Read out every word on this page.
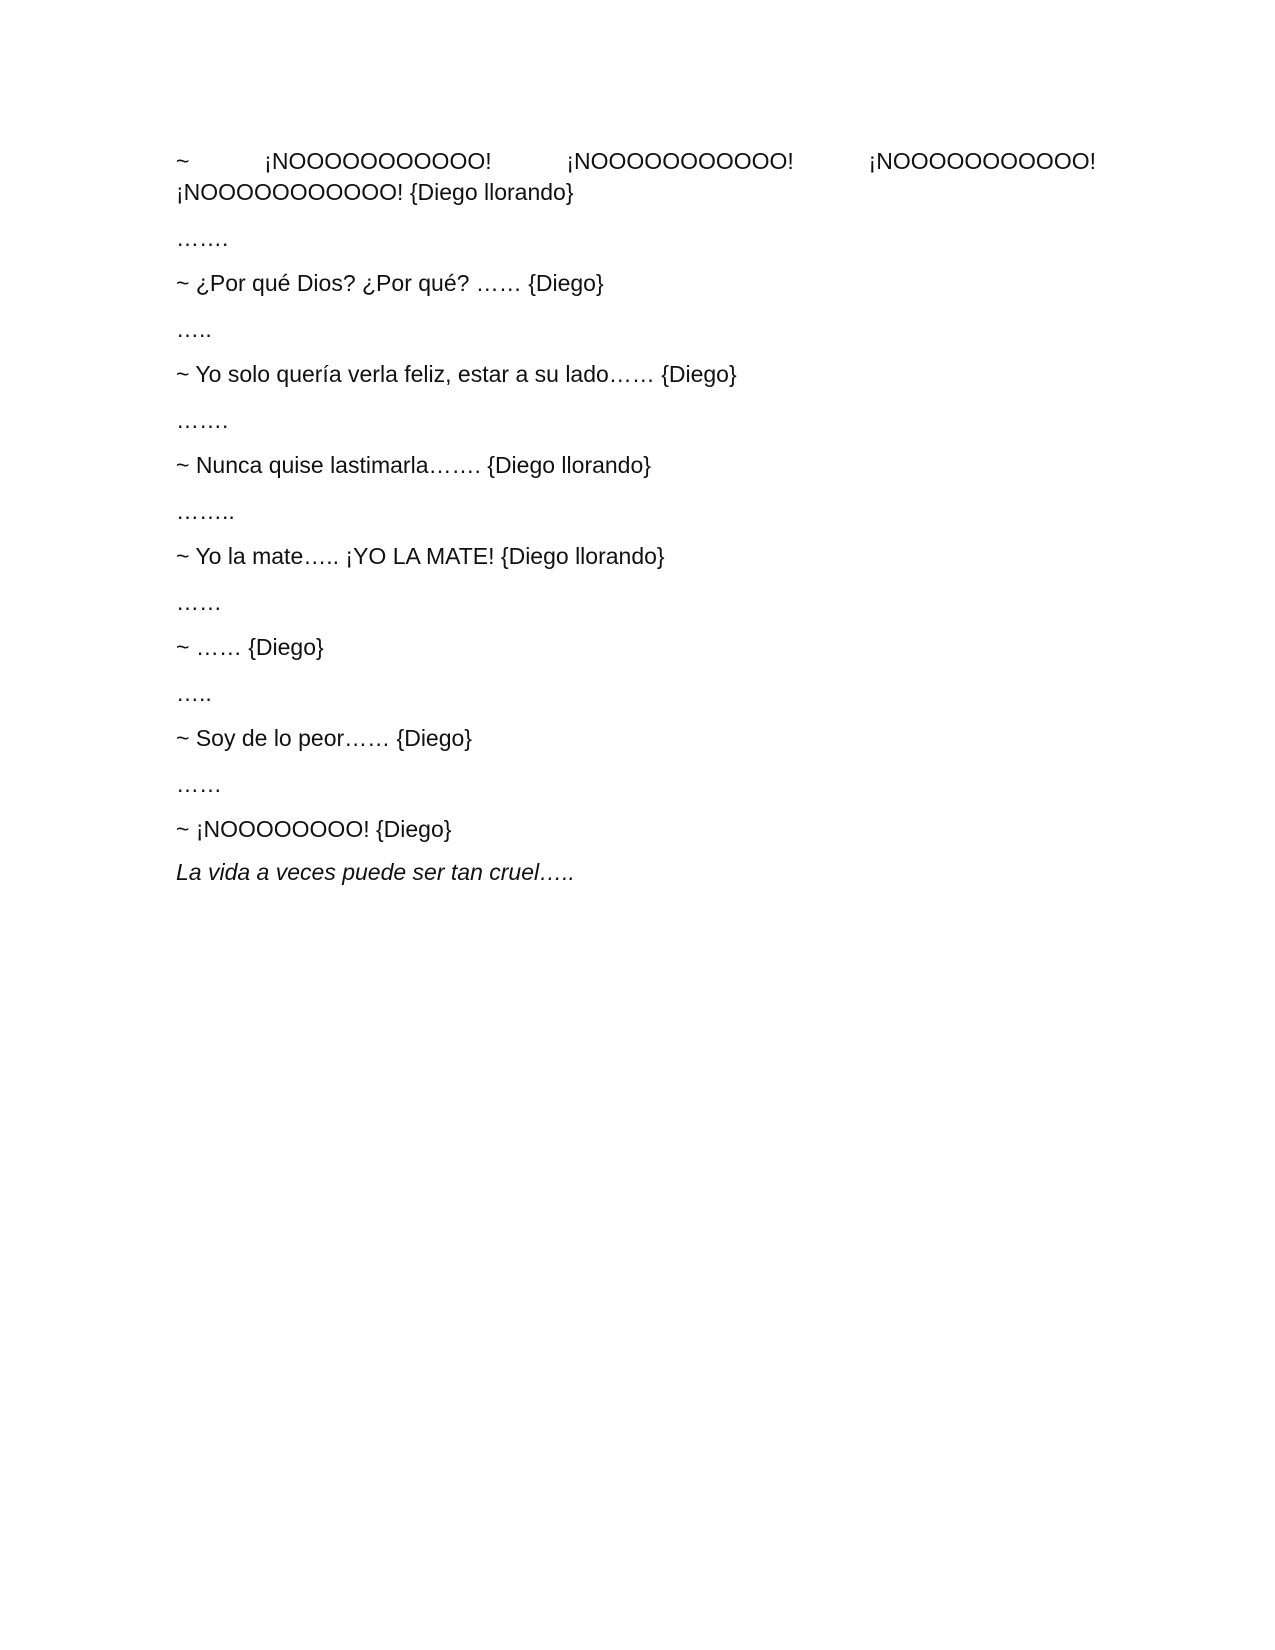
~	¡NOOOOOOOOOOO!	¡NOOOOOOOOOOO!	¡NOOOOOOOOOOO!

¡NOOOOOOOOOOO! {Diego llorando}

…….

~ ¿Por qué Dios? ¿Por qué? …… {Diego}

…..

~ Yo solo quería verla feliz, estar a su lado…… {Diego}

…….

~ Nunca quise lastimarla……. {Diego llorando}

……..

~ Yo la mate….. ¡YO LA MATE! {Diego llorando}

……

~ …… {Diego}

…..

~ Soy de lo peor…… {Diego}

……

~ ¡NOOOOOOOO! {Diego}

La vida a veces puede ser tan cruel…..
